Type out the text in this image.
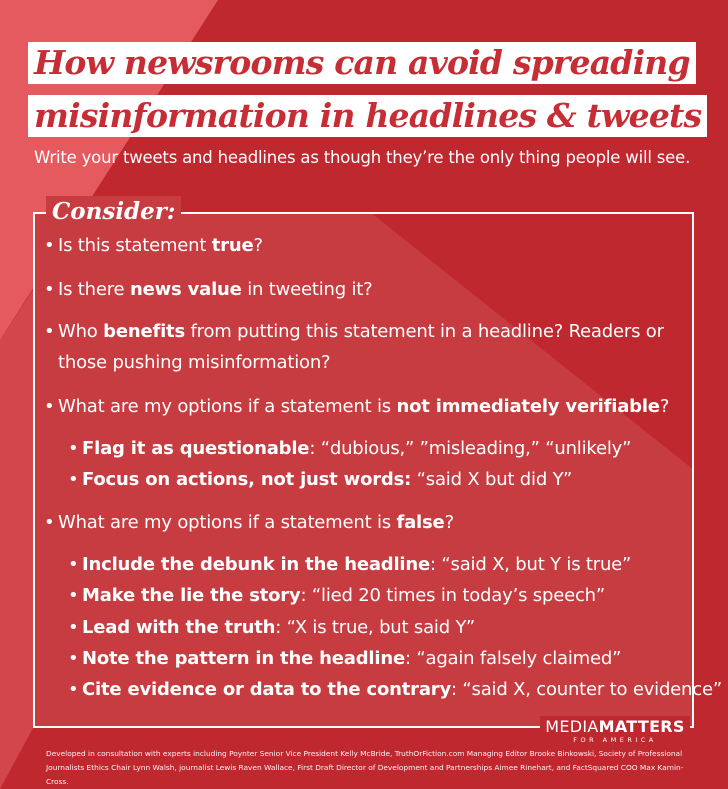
How newsrooms can avoid spreading
misinformation in headlines & tweets
Write your tweets and headlines as though they’re the only thing people will see.
Consider:
• Is this statement true?
• Is there news value in tweeting it?
• Who benefits from putting this statement in a headline? Readers or
those pushing misinformation?
• What are my options if a statement is not immediately verifiable?
• Flag it as questionable: “dubious,” ”misleading,” “unlikely”
• Focus on actions, not just words: “said X but did Y”
• What are my options if a statement is false?
• Include the debunk in the headline: “said X, but Y is true”
• Make the lie the story: “lied 20 times in today’s speech”
• Lead with the truth: “X is true, but said Y”
• Note the pattern in the headline: “again falsely claimed”
• Cite evidence or data to the contrary: “said X, counter to evidence”
MEDIAMATTERS
FOR AMERICA
Developed in consultation with experts including Poynter Senior Vice President Kelly McBride, TruthOrFiction.com Managing Editor Brooke Binkowski, Society of Professional Journalists Ethics Chair Lynn Walsh, journalist Lewis Raven Wallace, First Draft Director of Development and Partnerships Aimee Rinehart, and FactSquared COO Max Kamin-Cross.
